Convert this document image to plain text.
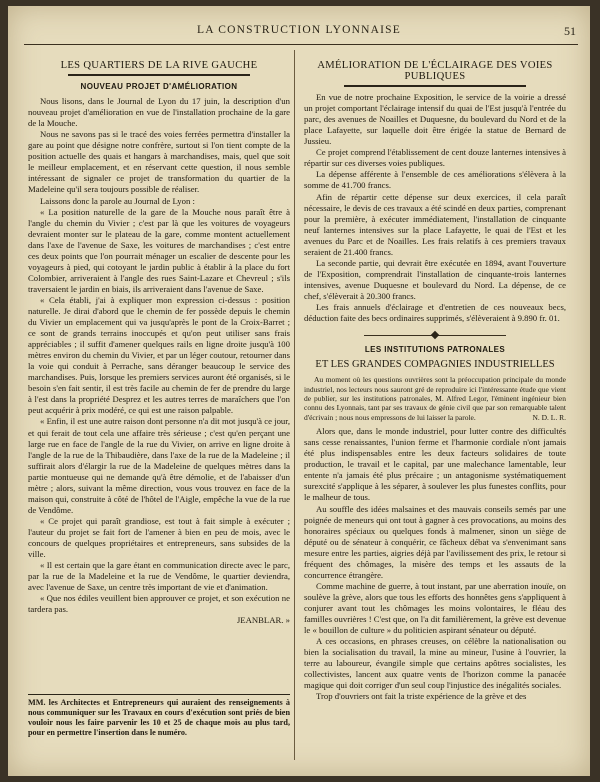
LA CONSTRUCTION LYONNAISE	51
LES QUARTIERS DE LA RIVE GAUCHE
NOUVEAU PROJET D'AMÉLIORATION

Nous lisons, dans le Journal de Lyon du 17 juin, la description d'un nouveau projet d'amélioration en vue de l'installation prochaine de la gare de la Mouche.

Nous ne savons pas si le tracé des voies ferrées permettra d'installer la gare au point que désigne notre confrère, surtout si l'on tient compte de la position actuelle des quais et hangars à marchandises, mais, quel que soit le meilleur emplacement, et en réservant cette question, il nous semble intéressant de signaler ce projet de transformation du quartier de la Madeleine qu'il sera toujours possible de réaliser.

Laissons donc la parole au Journal de Lyon :

« La position naturelle de la gare de la Mouche nous paraît être à l'angle du chemin du Vivier ; c'est par là que les voitures de voyageurs devraient monter sur le plateau de la gare, comme montent actuellement dans l'axe de l'avenue de Saxe, les voitures de marchandises ; c'est entre ces deux points que l'on pourrait ménager un escalier de descente pour les voyageurs à pied, qui cotoyant le jardin public à établir à la place du fort Colombier, arriveraient à l'angle des rues Saint-Lazare et Chevreul ; s'ils traversaient le jardin en biais, ils arriveraient dans l'avenue de Saxe.

« Cela établi, j'ai à expliquer mon expression ci-dessus : position naturelle. Je dirai d'abord que le chemin de fer possède depuis le chemin du Vivier un emplacement qui va jusqu'après le pont de la Croix-Barret ; ce sont de grands terrains inoccupés et qu'on peut utiliser sans frais appréciables ; il suffit d'amener quelques rails en ligne droite jusqu'à 100 mètres environ du chemin du Vivier, et par un léger coutour, retourner dans la voie qui conduit à Perrache, sans déranger beaucoup le service des marchandises. Puis, lorsque les premiers services auront été organisés, si le besoin s'en fait sentir, il est très facile au chemin de fer de prendre du large à l'est dans la propriété Desprez et les autres terres de maraîchers que l'on peut acquérir à prix modéré, ce qui est une raison palpable.

« Enfin, il est une autre raison dont personne n'a dit mot jusqu'à ce jour, et qui ferait de tout cela une affaire très sérieuse ; c'est qu'en perçant une large rue en face de l'angle de la rue du Vivier, on arrive en ligne droite à l'angle de la rue de la Thibaudière, dans l'axe de la rue de la Madeleine ; il suffirait alors d'élargir la rue de la Madeleine de quelques mètres dans la partie montueuse qui ne demande qu'à être démolie, et de l'abaisser d'un mètre ; alors, suivant la même direction, vous vous trouvez en face de la maison qui, construite à côté de l'hôtel de l'Aigle, empêche la vue de la rue de Vendôme.

« Ce projet qui paraît grandiose, est tout à fait simple à exécuter ; l'auteur du projet se fait fort de l'amener à bien en peu de mois, avec le concours de quelques propriétaires et entrepreneurs, sans subsides de la ville.

« Il est certain que la gare étant en communication directe avec le parc, par la rue de la Madeleine et la rue de Vendôme, le quartier deviendra, avec l'avenue de Saxe, un centre très important de vie et d'animation.

« Que nos édiles veuillent bien approuver ce projet, et son exécution ne tardera pas.

JEANBLAR. »

MM. les Architectes et Entrepreneurs qui auraient des renseignements à nous communiquer sur les Travaux en cours d'exécution sont priés de bien vouloir nous les faire parvenir les 10 et 25 de chaque mois au plus tard, pour en permettre l'insertion dans le numéro.
AMÉLIORATION DE L'ÉCLAIRAGE DES VOIES PUBLIQUES

En vue de notre prochaine Exposition, le service de la voirie a dressé un projet comportant l'éclairage intensif du quai de l'Est jusqu'à l'entrée du parc, des avenues de Noailles et Duquesne, du boulevard du Nord et de la place Lafayette, sur laquelle doit être érigée la statue de Bernard de Jussieu.

Ce projet comprend l'établissement de cent douze lanternes intensives à répartir sur ces diverses voies publiques.

La dépense afférente à l'ensemble de ces améliorations s'élèvera à la somme de 41.700 francs.

Afin de répartir cette dépense sur deux exercices, il cela paraît nécessaire, le devis de ces travaux a été scindé en deux parties, comprenant pour la première, à exécuter immédiatement, l'installation de cinquante neuf lanternes intensives sur la place Lafayette, le quai de l'Est et les avenues du Parc et de Noailles. Les frais relatifs à ces premiers travaux seraient de 21.400 francs.

La seconde partie, qui devrait être exécutée en 1894, avant l'ouverture de l'Exposition, comprendrait l'installation de cinquante-trois lanternes intensives, avenue Duquesne et boulevard du Nord. La dépense, de ce chef, s'élèverait à 20.300 francs.

Les frais annuels d'éclairage et d'entretien de ces nouveaux becs, déduction faite des becs ordinaires supprimés, s'élèveraient à 9.890 fr. 01.

LES INSTITUTIONS PATRONALES
ET LES GRANDES COMPAGNIES INDUSTRIELLES

Au moment où les questions ouvrières sont la préoccupation principale du monde industriel, nos lecteurs nous sauront gré de reproduire ici l'intéressante étude que vient de publier, sur les institutions patronales, M. Alfred Legor, l'éminent ingénieur bien connu des Lyonnais, tant par ses travaux de génie civil que par son remarquable talent d'écrivain ; nous nous empressons de lui laisser la parole.	N. D. L. R.

Alors que, dans le monde industriel, pour lutter contre des difficultés sans cesse renaissantes, l'union ferme et l'harmonie cordiale n'ont jamais été plus indispensables entre les deux facteurs solidaires de toute production, le travail et le capital, par une malechance lamentable, leur entente n'a jamais été plus précaire ; un antagonisme systématiquement surexcité s'applique à les séparer, à soulever les plus funestes conflits, pour le malheur de tous.

Au souffle des idées malsaines et des mauvais conseils semés par une poignée de meneurs qui ont tout à gagner à ces provocations, au moins des honoraires spéciaux ou quelques fonds à malmener, sinon un siège de député ou de sénateur à conquérir, ce fâcheux débat va s'envenimant sans mesure entre les parties, aigries déjà par l'avilissement des prix, le retour si fréquent des chômages, la misère des temps et les assauts de la concurrence étrangère.

Comme machine de guerre, à tout instant, par une aberration inouïe, on soulève la grève, alors que tous les efforts des honnêtes gens s'appliquent à conjurer avant tout les chômages les moins volontaires, le fléau des familles ouvrières ! C'est que, on l'a dit familièrement, la grève est devenue le « bouillon de culture » du politicien aspirant sénateur ou député.

A ces occasions, en phrases creuses, on célèbre la nationalisation ou bien la socialisation du travail, la mine au mineur, l'usine à l'ouvrier, la terre au laboureur, évangile simple que certains apôtres socialistes, les collectivistes, lancent aux quatre vents de l'horizon comme la panacée magique qui doit corriger d'un seul coup l'injustice des inégalités sociales.

Trop d'ouvriers ont fait la triste expérience de la grève et des
